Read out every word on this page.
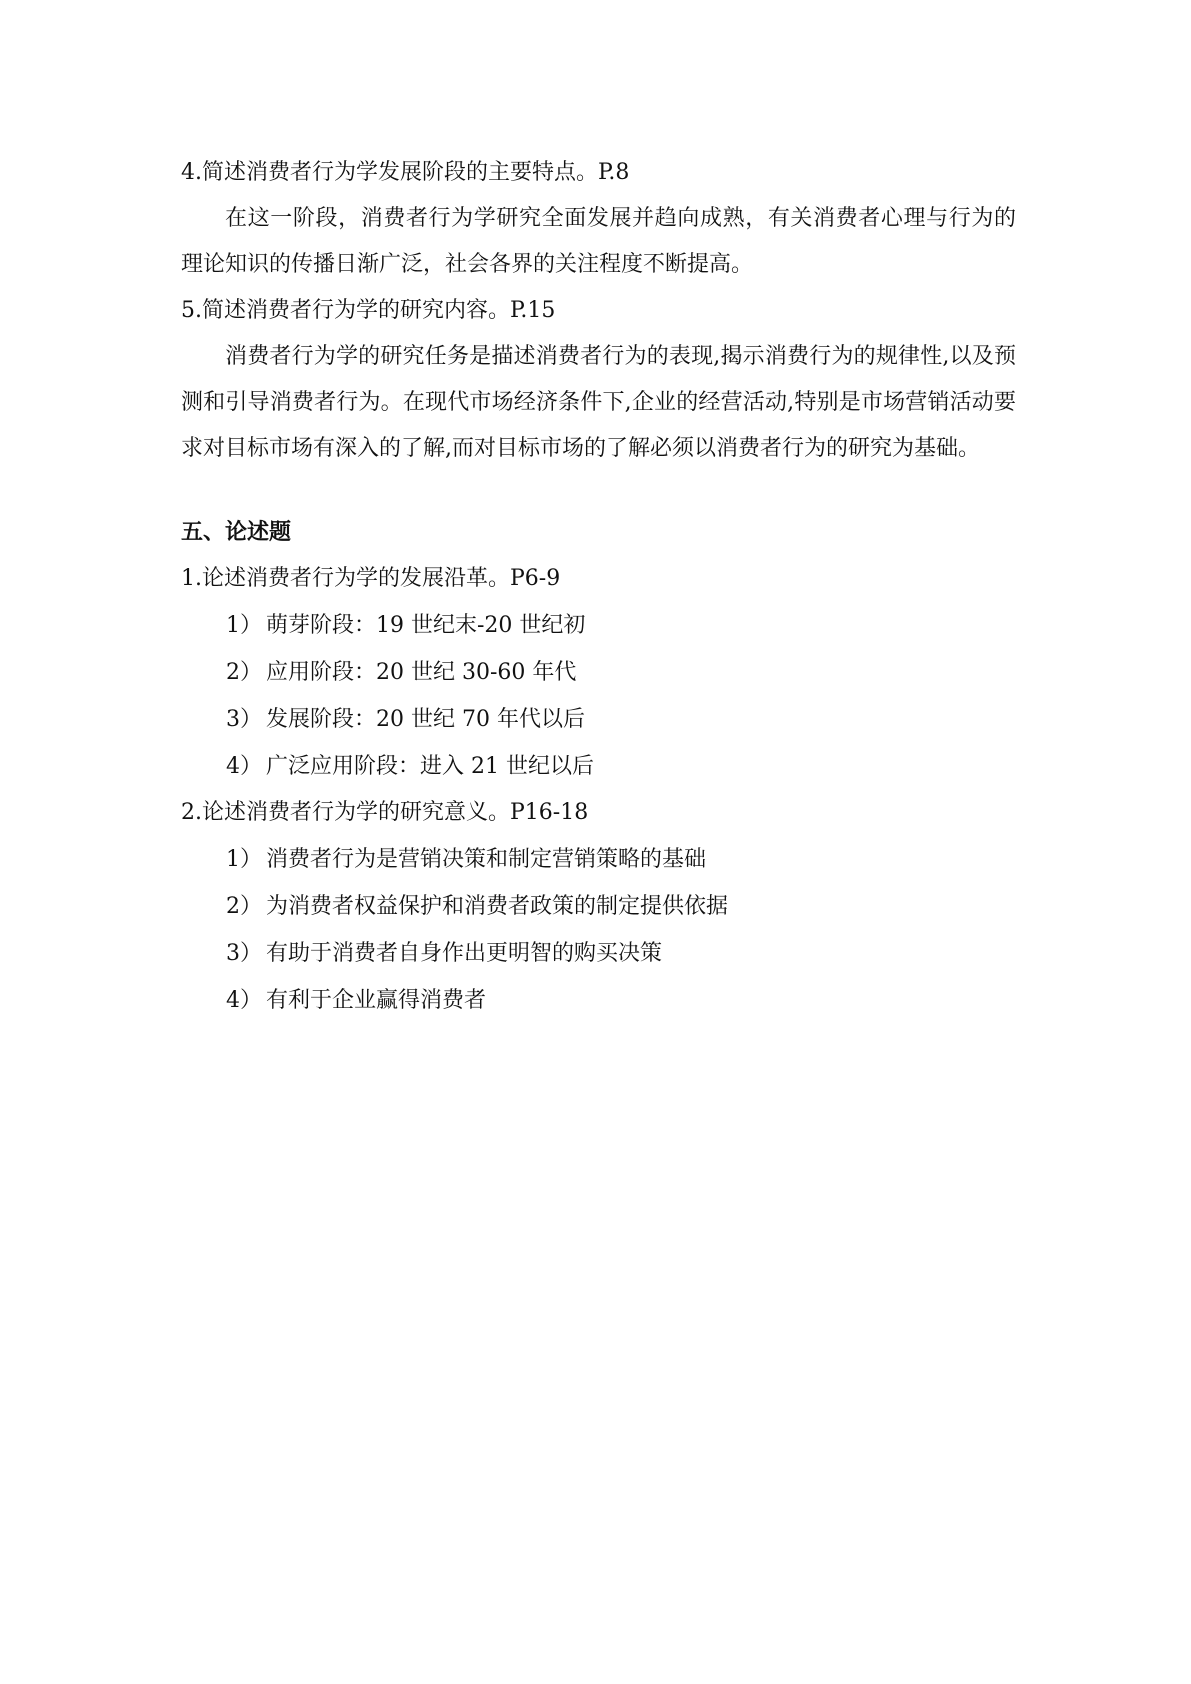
4.简述消费者行为学发展阶段的主要特点。P.8
在这一阶段，消费者行为学研究全面发展并趋向成熟，有关消费者心理与行为的理论知识的传播日渐广泛，社会各界的关注程度不断提高。
5.简述消费者行为学的研究内容。P.15
消费者行为学的研究任务是描述消费者行为的表现,揭示消费行为的规律性,以及预测和引导消费者行为。在现代市场经济条件下,企业的经营活动,特别是市场营销活动要求对目标市场有深入的了解,而对目标市场的了解必须以消费者行为的研究为基础。
五、论述题
1.论述消费者行为学的发展沿革。P6-9
1） 萌芽阶段：19 世纪末-20 世纪初
2） 应用阶段：20 世纪 30-60 年代
3） 发展阶段：20 世纪 70 年代以后
4） 广泛应用阶段：进入 21 世纪以后
2.论述消费者行为学的研究意义。P16-18
1） 消费者行为是营销决策和制定营销策略的基础
2） 为消费者权益保护和消费者政策的制定提供依据
3） 有助于消费者自身作出更明智的购买决策
4） 有利于企业赢得消费者
